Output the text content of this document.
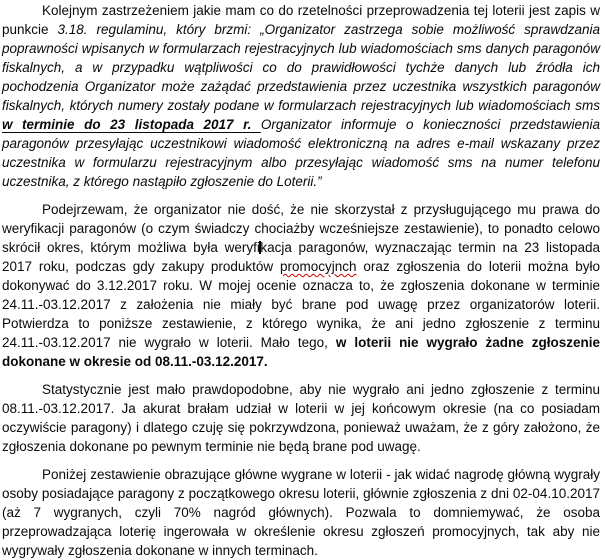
Kolejnym zastrzeżeniem jakie mam co do rzetelności przeprowadzenia tej loterii jest zapis w punkcie 3.18. regulaminu, który brzmi: „Organizator zastrzega sobie możliwość sprawdzania poprawności wpisanych w formularzach rejestracyjnych lub wiadomościach sms danych paragonów fiskalnych, a w przypadku wątpliwości co do prawidłowości tychże danych lub źródła ich pochodzenia Organizator może zażądać przedstawienia przez uczestnika wszystkich paragonów fiskalnych, których numery zostały podane w formularzach rejestracyjnych lub wiadomościach sms w terminie do 23 listopada 2017 r. Organizator informuje o konieczności przedstawienia paragonów przesyłając uczestnikowi wiadomość elektroniczną na adres e-mail wskazany przez uczestnika w formularzu rejestracyjnym albo przesyłając wiadomość sms na numer telefonu uczestnika, z którego nastąpiło zgłoszenie do Loterii.”

Podejrzewam, że organizator nie dość, że nie skorzystał z przysługującego mu prawa do weryfikacji paragonów (o czym świadczy chociażby wcześniejsze zestawienie), to ponadto celowo skrócił okres, którym możliwa była weryfikacja paragonów, wyznaczając termin na 23 listopada 2017 roku, podczas gdy zakupy produktów promocyjnch oraz zgłoszenia do loterii można było dokonywać do 3.12.2017 roku. W mojej ocenie oznacza to, że zgłoszenia dokonane w terminie 24.11.-03.12.2017 z założenia nie miały być brane pod uwagę przez organizatorów loterii. Potwierdza to poniższe zestawienie, z którego wynika, że ani jedno zgłoszenie z terminu 24.11.-03.12.2017 nie wygrało w loterii. Mało tego, w loterii nie wygrało żadne zgłoszenie dokonane w okresie od 08.11.-03.12.2017.

Statystycznie jest mało prawdopodobne, aby nie wygrało ani jedno zgłoszenie z terminu 08.11.-03.12.2017. Ja akurat brałam udział w loterii w jej końcowym okresie (na co posiadam oczywiście paragony) i dlatego czuję się pokrzywdzona, ponieważ uważam, że z góry założono, że zgłoszenia dokonane po pewnym terminie nie będą brane pod uwagę.

Poniżej zestawienie obrazujące główne wygrane w loterii - jak widać nagrodę główną wygrały osoby posiadające paragony z początkowego okresu loterii, głównie zgłoszenia z dni 02-04.10.2017 (aż 7 wygranych, czyli 70% nagród głównych). Pozwala to domniemywać, że osoba przeprowadzająca loterię ingerowała w określenie okresu zgłoszeń promocyjnych, tak aby nie wygrywały zgłoszenia dokonane w innych terminach.
